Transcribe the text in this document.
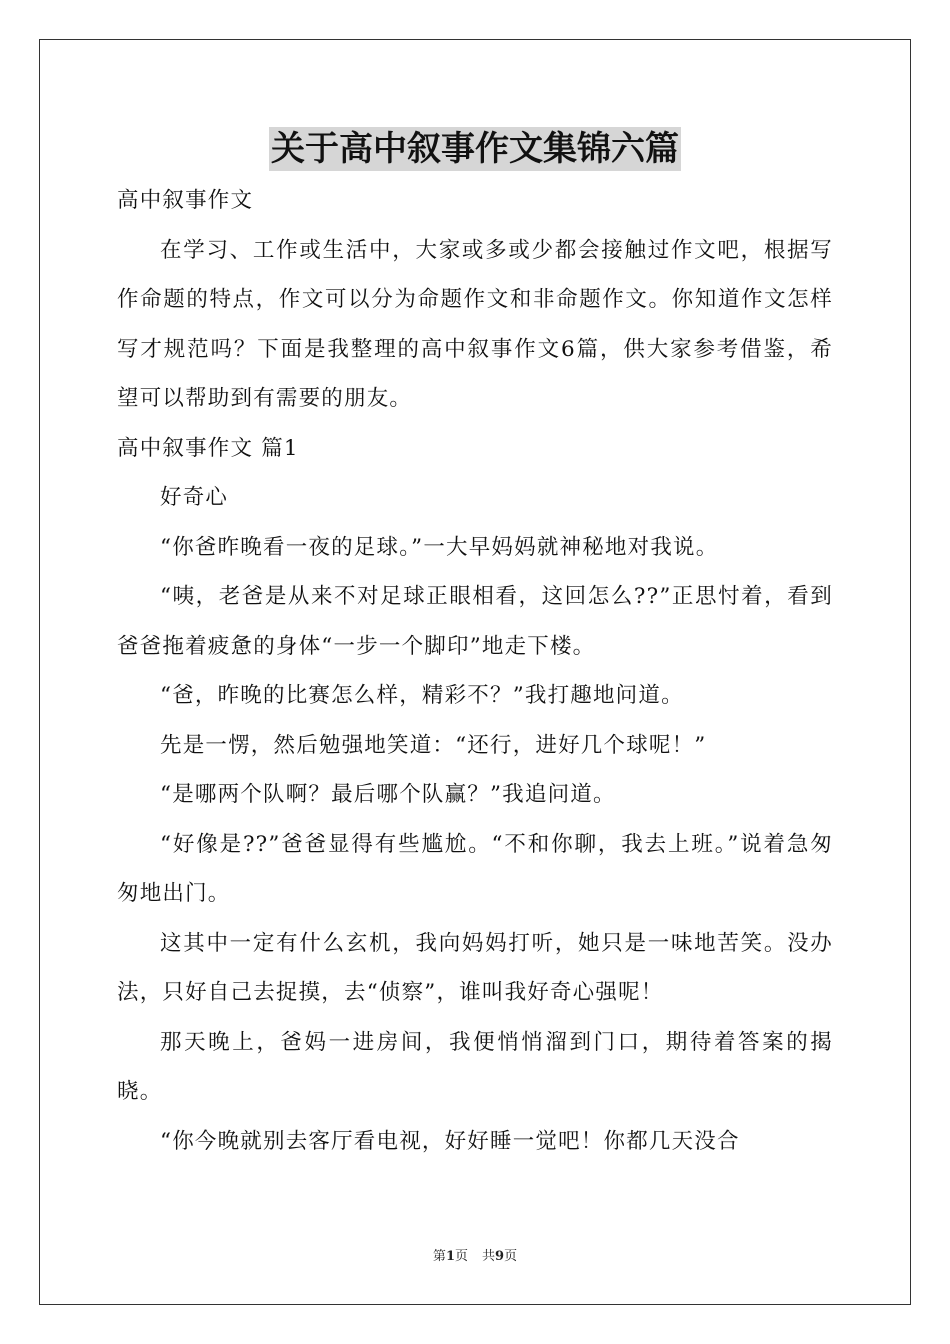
关于高中叙事作文集锦六篇

高中叙事作文

在学习、工作或生活中，大家或多或少都会接触过作文吧，根据写作命题的特点，作文可以分为命题作文和非命题作文。你知道作文怎样写才规范吗？下面是我整理的高中叙事作文6篇，供大家参考借鉴，希望可以帮助到有需要的朋友。

高中叙事作文 篇1

好奇心

“你爸昨晚看一夜的足球。”一大早妈妈就神秘地对我说。

“咦，老爸是从来不对足球正眼相看，这回怎么??”正思忖着，看到爸爸拖着疲惫的身体“一步一个脚印”地走下楼。

“爸，昨晚的比赛怎么样，精彩不？”我打趣地问道。

先是一愣，然后勉强地笑道：“还行，进好几个球呢！”

“是哪两个队啊？最后哪个队赢？”我追问道。

“好像是??”爸爸显得有些尴尬。“不和你聊，我去上班。”说着急匆匆地出门。

这其中一定有什么玄机，我向妈妈打听，她只是一味地苦笑。没办法，只好自己去捉摸，去“侦察”，谁叫我好奇心强呢！

那天晚上，爸妈一进房间，我便悄悄溜到门口，期待着答案的揭晓。

“你今晚就别去客厅看电视，好好睡一觉吧！你都几天没合

第1页 共9页
